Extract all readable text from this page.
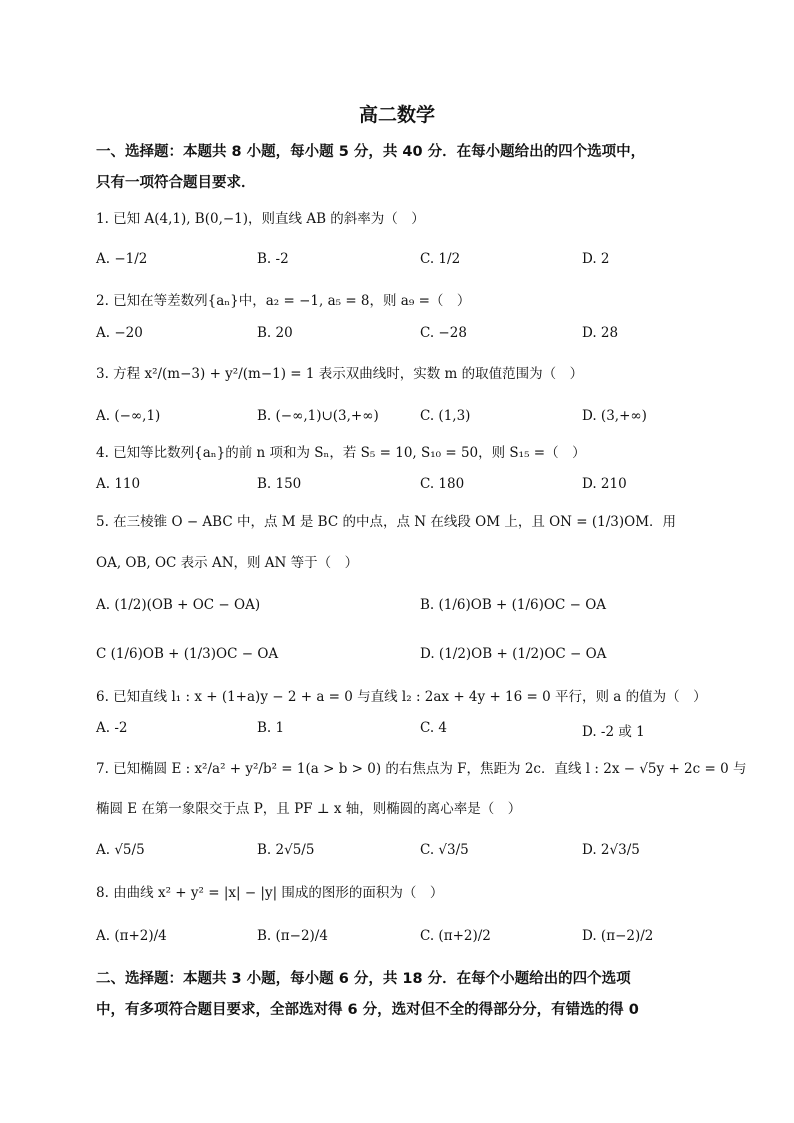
高二数学
一、选择题：本题共 8 小题，每小题 5 分，共 40 分．在每小题给出的四个选项中，
只有一项符合题目要求．
1. 已知 A(4,1), B(0,−1)，则直线 AB 的斜率为（　）
A. −1/2	B. -2	C. 1/2	D. 2
2. 已知在等差数列{aₙ}中，a₂ = −1, a₅ = 8，则 a₉ =（　）
A. −20	B. 20	C. −28	D. 28
3. 方程 x²/(m−3) + y²/(m−1) = 1 表示双曲线时，实数 m 的取值范围为（　）
A. (−∞,1)	B. (−∞,1)∪(3,+∞)	C. (1,3)	D. (3,+∞)
4. 已知等比数列{aₙ}的前 n 项和为 Sₙ，若 S₅ = 10, S₁₀ = 50，则 S₁₅ =（　）
A. 110	B. 150	C. 180	D. 210
5. 在三棱锥 O − ABC 中，点 M 是 BC 的中点，点 N 在线段 OM 上，且 ON = (1/3)OM．用
OA, OB, OC 表示 AN，则 AN 等于（　）
A. (1/2)(OB + OC − OA)	B. (1/6)OB + (1/6)OC − OA
C (1/6)OB + (1/3)OC − OA	D. (1/2)OB + (1/2)OC − OA
6. 已知直线 l₁ : x + (1+a)y − 2 + a = 0 与直线 l₂ : 2ax + 4y + 16 = 0 平行，则 a 的值为（　）
A. -2	B. 1	C. 4	D. -2 或 1
7. 已知椭圆 E : x²/a² + y²/b² = 1(a > b > 0) 的右焦点为 F，焦距为 2c．直线 l : 2x − √5y + 2c = 0 与
椭圆 E 在第一象限交于点 P，且 PF ⊥ x 轴，则椭圆的离心率是（　）
A. √5/5	B. 2√5/5	C. √3/5	D. 2√3/5
8. 由曲线 x² + y² = |x| − |y| 围成的图形的面积为（　）
A. (π+2)/4	B. (π−2)/4	C. (π+2)/2	D. (π−2)/2
二、选择题：本题共 3 小题，每小题 6 分，共 18 分．在每个小题给出的四个选项
中，有多项符合题目要求，全部选对得 6 分，选对但不全的得部分分，有错选的得 0
